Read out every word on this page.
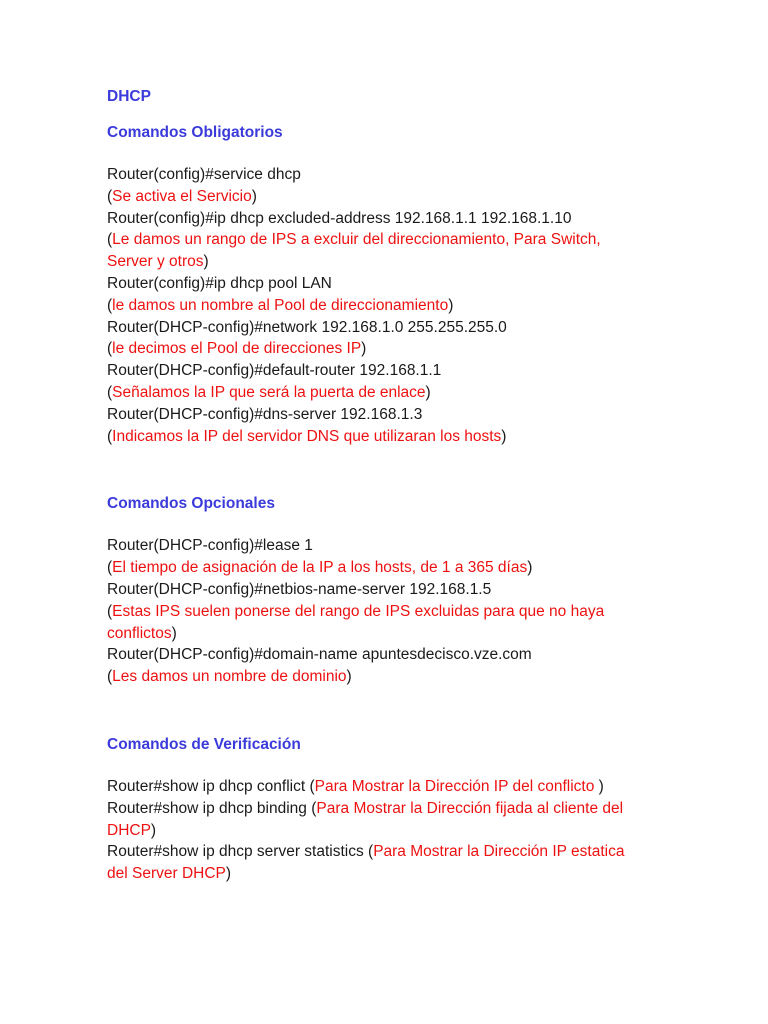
DHCP

Comandos Obligatorios

Router(config)#service dhcp

(Se activa el Servicio)

Router(config)#ip dhcp excluded-address 192.168.1.1 192.168.1.10

(Le damos un rango de IPS a excluir del direccionamiento, Para Switch,

Server y otros)

Router(config)#ip dhcp pool LAN

(le damos un nombre al Pool de direccionamiento)

Router(DHCP-config)#network 192.168.1.0 255.255.255.0

(le decimos el Pool de direcciones IP)

Router(DHCP-config)#default-router 192.168.1.1

(Señalamos la IP que será la puerta de enlace)

Router(DHCP-config)#dns-server 192.168.1.3

(Indicamos la IP del servidor DNS que utilizaran los hosts)

Comandos Opcionales

Router(DHCP-config)#lease 1

(El tiempo de asignación de la IP a los hosts, de 1 a 365 días)

Router(DHCP-config)#netbios-name-server 192.168.1.5

(Estas IPS suelen ponerse del rango de IPS excluidas para que no haya

conflictos)

Router(DHCP-config)#domain-name apuntesdecisco.vze.com

(Les damos un nombre de dominio)

Comandos de Verificación

Router#show ip dhcp conflict (Para Mostrar la Dirección IP del conflicto )

Router#show ip dhcp binding (Para Mostrar la Dirección fijada al cliente del

DHCP)

Router#show ip dhcp server statistics (Para Mostrar la Dirección IP estatica

del Server DHCP)
